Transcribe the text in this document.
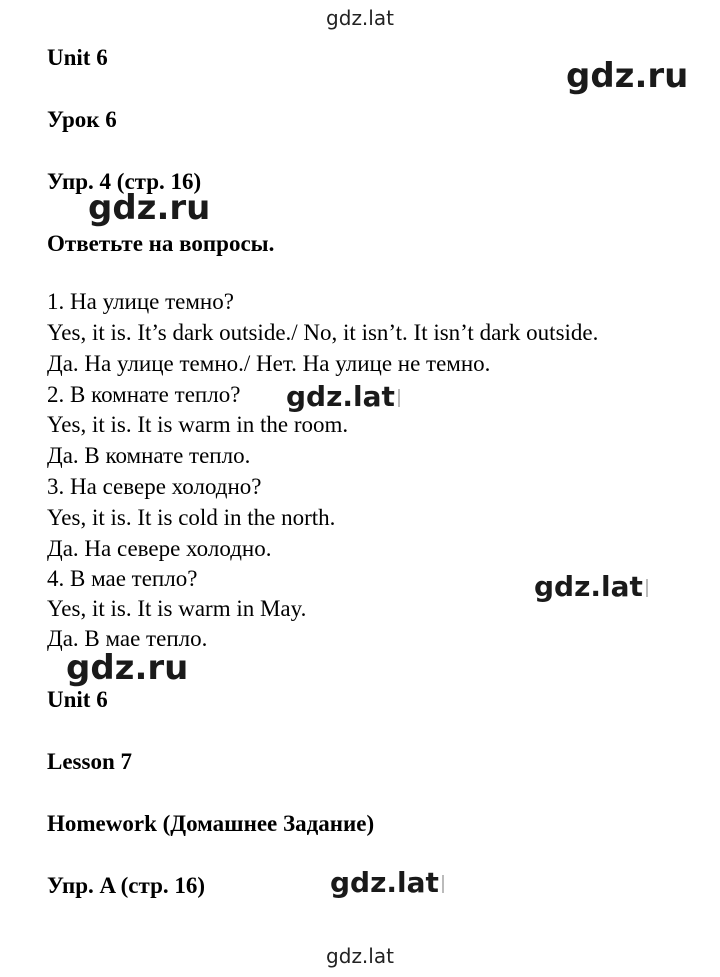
gdz.lat
Unit 6	gdz.ru
Урок 6
Упр. 4 (стр. 16)
gdz.ru
Ответьте на вопросы.
1. На улице темно?
Yes, it is. It’s dark outside./ No, it isn’t. It isn’t dark outside.
Да. На улице темно./ Нет. На улице не темно.
2. В комнате тепло? gdz.lat
Yes, it is. It is warm in the room.
Да. В комнате тепло.
3. На севере холодно?
Yes, it is. It is cold in the north.
Да. На севере холодно.
4. В мае тепло?	gdz.lat
Yes, it is. It is warm in May.
Да. В мае тепло.
gdz.ru
Unit 6
Lesson 7
Homework (Домашнее Задание)
Упр. A (стр. 16)	gdz.lat
gdz.lat
